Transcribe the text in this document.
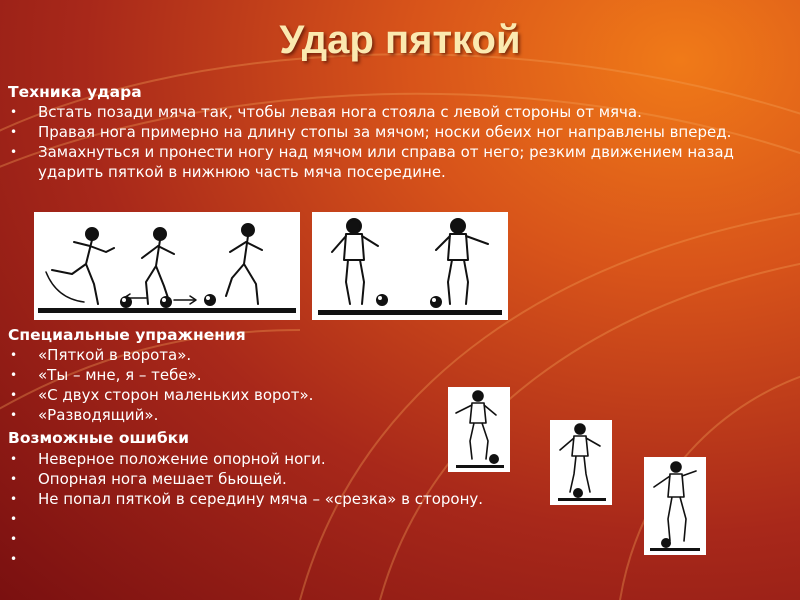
Удар пяткой
Техника удара
• Встать позади мяча так, чтобы левая нога стояла с левой стороны от мяча.
• Правая нога примерно на длину стопы за мячом; носки обеих ног направлены вперед.
• Замахнуться и пронести ногу над мячом или справа от него; резким движением назад ударить пяткой в нижнюю часть мяча посередине.
Специальные упражнения
• «Пяткой в ворота».
• «Ты – мне, я – тебе».
• «С двух сторон маленьких ворот».
• «Разводящий».
Возможные ошибки
• Неверное положение опорной ноги.
• Опорная нога мешает бьющей.
• Не попал пяткой в середину мяча – «срезка» в сторону.
•
•
•
